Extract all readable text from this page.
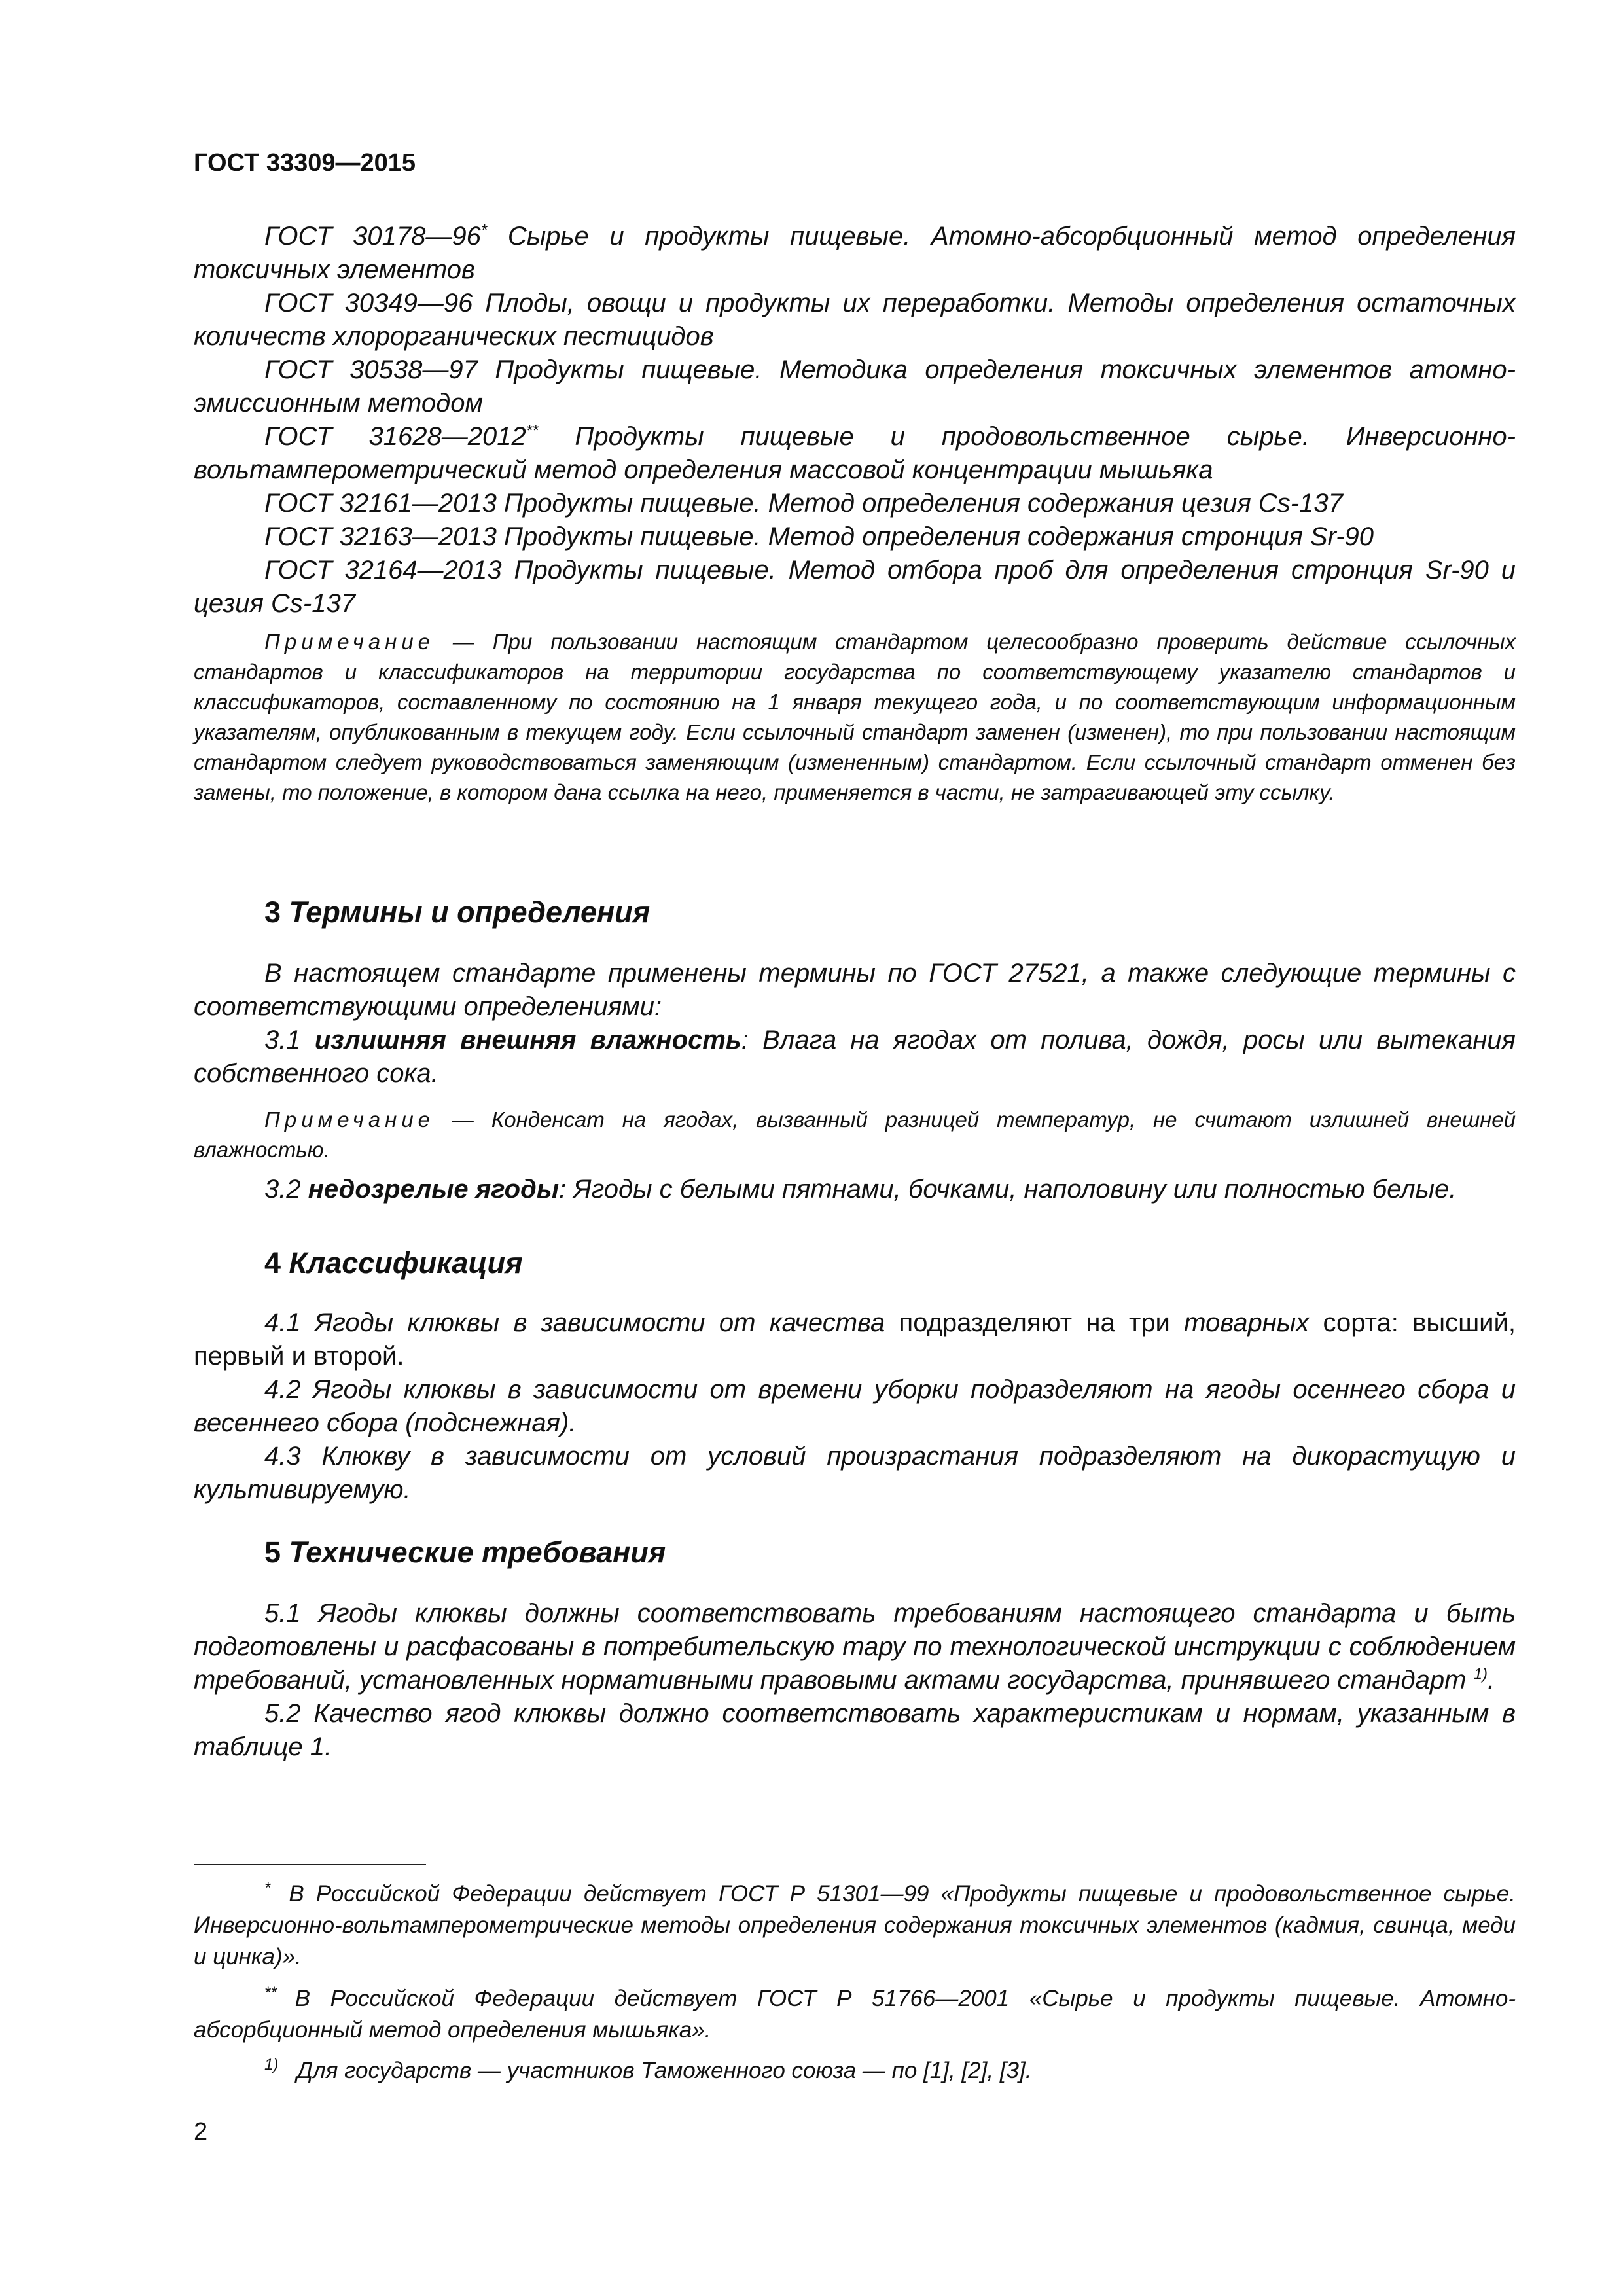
ГОСТ 33309—2015

ГОСТ 30178—96* Сырье и продукты пищевые. Атомно-абсорбционный метод определения токсичных элементов

ГОСТ 30349—96 Плоды, овощи и продукты их переработки. Методы определения остаточных количеств хлорорганических пестицидов

ГОСТ 30538—97 Продукты пищевые. Методика определения токсичных элементов атомно-эмиссионным методом

ГОСТ 31628—2012** Продукты пищевые и продовольственное сырье. Инверсионно-вольтамперометрический метод определения массовой концентрации мышьяка

ГОСТ 32161—2013 Продукты пищевые. Метод определения содержания цезия Cs-137

ГОСТ 32163—2013 Продукты пищевые. Метод определения содержания стронция Sr-90

ГОСТ 32164—2013 Продукты пищевые. Метод отбора проб для определения стронция Sr-90 и цезия Cs-137

Примечание — При пользовании настоящим стандартом целесообразно проверить действие ссылочных стандартов и классификаторов на территории государства по соответствующему указателю стандартов и классификаторов, составленному по состоянию на 1 января текущего года, и по соответствующим информационным указателям, опубликованным в текущем году. Если ссылочный стандарт заменен (изменен), то при пользовании настоящим стандартом следует руководствоваться заменяющим (измененным) стандартом. Если ссылочный стандарт отменен без замены, то положение, в котором дана ссылка на него, применяется в части, не затрагивающей эту ссылку.

3 Термины и определения

В настоящем стандарте применены термины по ГОСТ 27521, а также следующие термины с соответствующими определениями:

3.1 излишняя внешняя влажность: Влага на ягодах от полива, дождя, росы или вытекания собственного сока.

Примечание — Конденсат на ягодах, вызванный разницей температур, не считают излишней внешней влажностью.

3.2 недозрелые ягоды: Ягоды с белыми пятнами, бочками, наполовину или полностью белые.

4 Классификация

4.1 Ягоды клюквы в зависимости от качества подразделяют на три товарных сорта: высший, первый и второй.

4.2 Ягоды клюквы в зависимости от времени уборки подразделяют на ягоды осеннего сбора и весеннего сбора (подснежная).

4.3 Клюкву в зависимости от условий произрастания подразделяют на дикорастущую и культивируемую.

5 Технические требования

5.1 Ягоды клюквы должны соответствовать требованиям настоящего стандарта и быть подготовлены и расфасованы в потребительскую тару по технологической инструкции с соблюдением требований, установленных нормативными правовыми актами государства, принявшего стандарт $^{1)}$.

5.2 Качество ягод клюквы должно соответствовать характеристикам и нормам, указанным в таблице 1.

* В Российской Федерации действует ГОСТ Р 51301—99 «Продукты пищевые и продовольственное сырье. Инверсионно-вольтамперометрические методы определения содержания токсичных элементов (кадмия, свинца, меди и цинка)».

** В Российской Федерации действует ГОСТ Р 51766—2001 «Сырье и продукты пищевые. Атомно-абсорбционный метод определения мышьяка».

$^{1)}$ Для государств — участников Таможенного союза — по [1], [2], [3].

2
